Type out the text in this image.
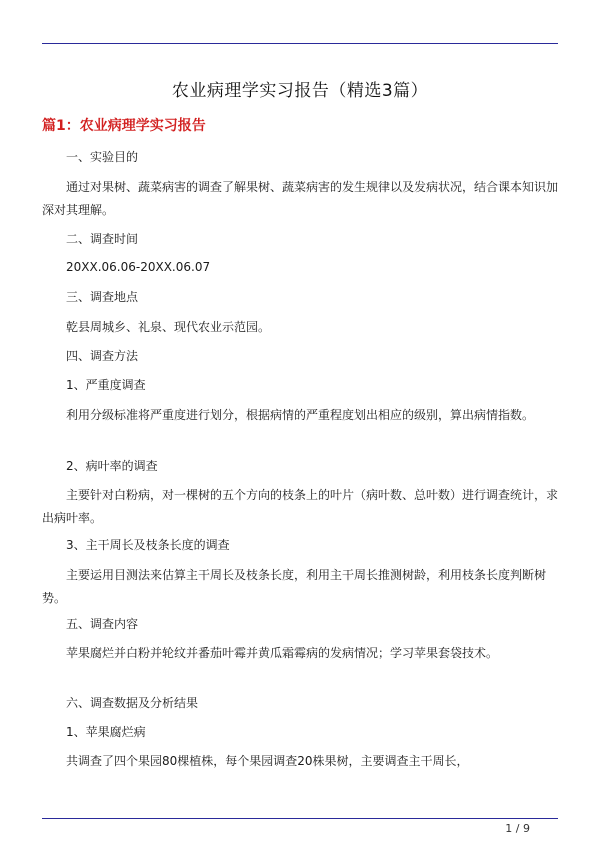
农业病理学实习报告（精选3篇）
篇1：农业病理学实习报告

一、实验目的

通过对果树、蔬菜病害的调查了解果树、蔬菜病害的发生规律以及发病状况，结合课本知识加深对其理解。

二、调查时间

20XX.06.06-20XX.06.07

三、调查地点

乾县周城乡、礼泉、现代农业示范园。

四、调查方法

1、严重度调查

利用分级标准将严重度进行划分，根据病情的严重程度划出相应的级别，算出病情指数。

2、病叶率的调查

主要针对白粉病，对一棵树的五个方向的枝条上的叶片（病叶数、总叶数）进行调查统计，求出病叶率。

3、主干周长及枝条长度的调查

主要运用目测法来估算主干周长及枝条长度，利用主干周长推测树龄，利用枝条长度判断树势。

五、调查内容

苹果腐烂并白粉并轮纹并番茄叶霉并黄瓜霜霉病的发病情况；学习苹果套袋技术。

六、调查数据及分析结果

1、苹果腐烂病

共调查了四个果园80棵植株，每个果园调查20株果树，主要调查主干周长，

1 / 9
